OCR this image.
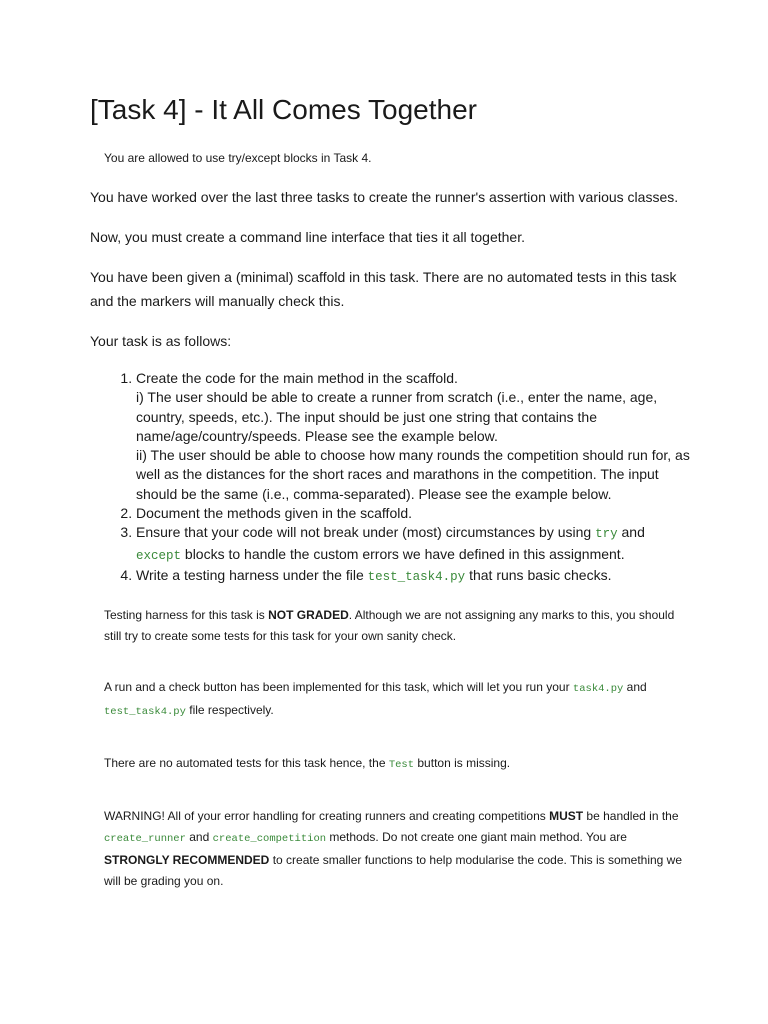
[Task 4] - It All Comes Together

You are allowed to use try/except blocks in Task 4.

You have worked over the last three tasks to create the runner's assertion with various classes.

Now, you must create a command line interface that ties it all together.

You have been given a (minimal) scaffold in this task. There are no automated tests in this task and the markers will manually check this.

Your task is as follows:

1. Create the code for the main method in the scaffold.
i) The user should be able to create a runner from scratch (i.e., enter the name, age, country, speeds, etc.). The input should be just one string that contains the name/age/country/speeds. Please see the example below.
ii) The user should be able to choose how many rounds the competition should run for, as well as the distances for the short races and marathons in the competition. The input should be the same (i.e., comma-separated). Please see the example below.
2. Document the methods given in the scaffold.
3. Ensure that your code will not break under (most) circumstances by using try and except blocks to handle the custom errors we have defined in this assignment.
4. Write a testing harness under the file test_task4.py that runs basic checks.

Testing harness for this task is NOT GRADED. Although we are not assigning any marks to this, you should still try to create some tests for this task for your own sanity check.

A run and a check button has been implemented for this task, which will let you run your task4.py and test_task4.py file respectively.

There are no automated tests for this task hence, the Test button is missing.

WARNING! All of your error handling for creating runners and creating competitions MUST be handled in the create_runner and create_competition methods. Do not create one giant main method. You are STRONGLY RECOMMENDED to create smaller functions to help modularise the code. This is something we will be grading you on.
